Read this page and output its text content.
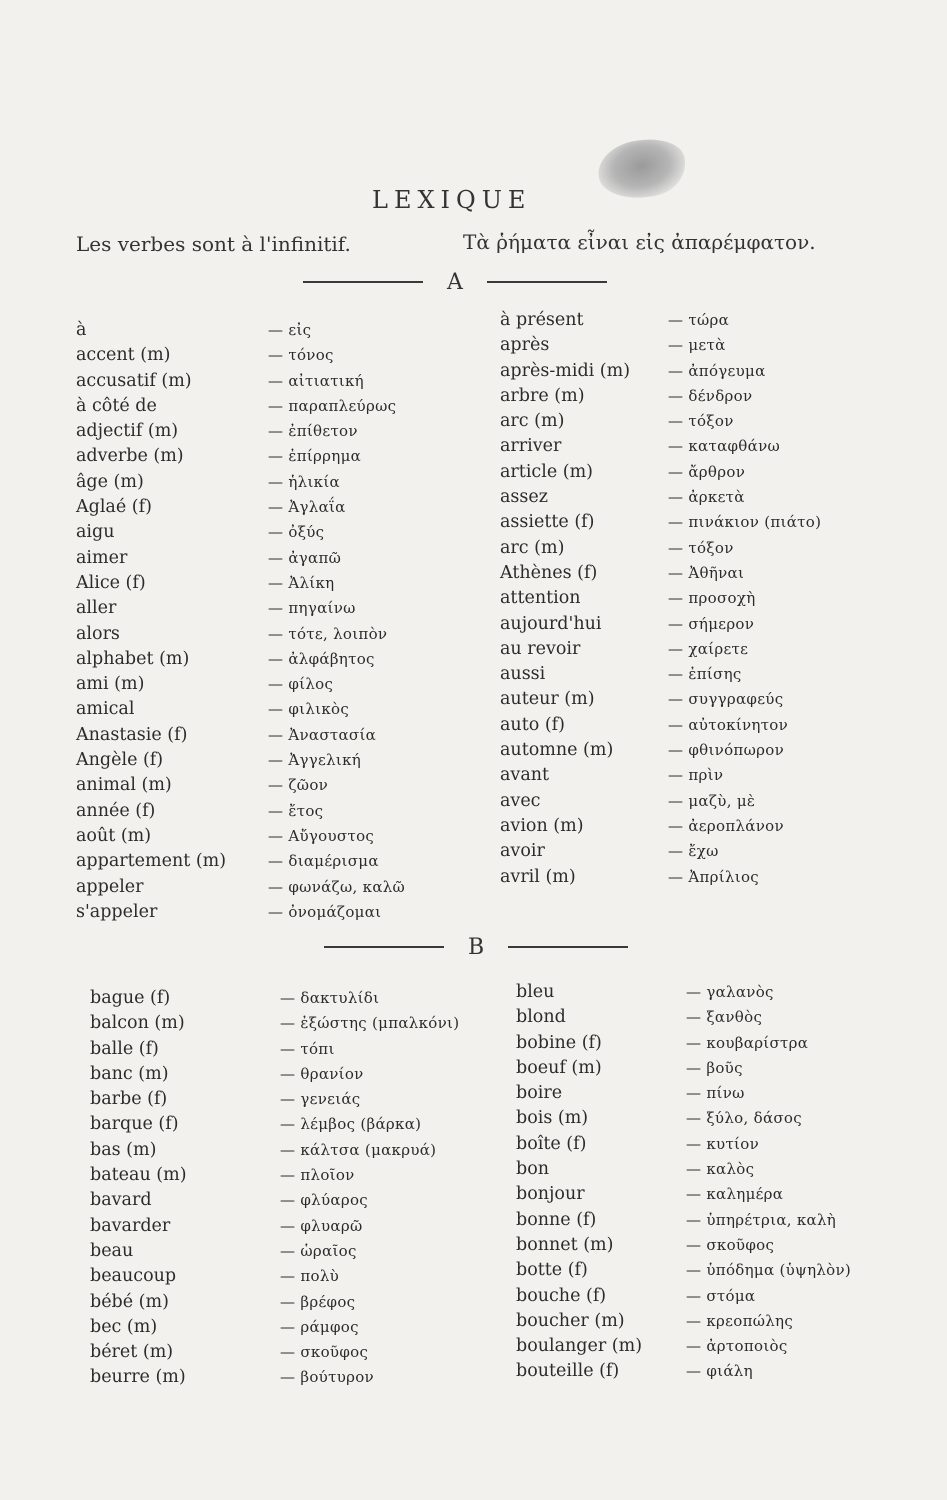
LEXIQUE
Les verbes sont à l'infinitif.	Τὰ ῥήματα εἶναι εἰς ἀπαρέμφατον.
A
à	— εἰς
accent (m)	— τόνος
accusatif (m)	— αἰτιατική
à côté de	— παραπλεύρως
adjectif (m)	— ἐπίθετον
adverbe (m)	— ἐπίρρημα
âge (m)	— ἡλικία
Aglaé (f)	— Ἀγλαΐα
aigu	— ὀξύς
aimer	— ἀγαπῶ
Alice (f)	— Ἀλίκη
aller	— πηγαίνω
alors	— τότε, λοιπὸν
alphabet (m)	— ἀλφάβητος
ami (m)	— φίλος
amical	— φιλικὸς
Anastasie (f)	— Ἀναστασία
Angèle (f)	— Ἀγγελική
animal (m)	— ζῶον
année (f)	— ἔτος
août (m)	— Αὔγουστος
appartement (m)	— διαμέρισμα
appeler	— φωνάζω, καλῶ
s'appeler	— ὀνομάζομαι
à présent	— τώρα
après	— μετὰ
après-midi (m)	— ἀπόγευμα
arbre (m)	— δένδρον
arc (m)	— τόξον
arriver	— καταφθάνω
article (m)	— ἄρθρον
assez	— ἀρκετὰ
assiette (f)	— πινάκιον (πιάτο)
arc (m)	— τόξον
Athènes (f)	— Ἀθῆναι
attention	— προσοχὴ
aujourd'hui	— σήμερον
au revoir	— χαίρετε
aussi	— ἐπίσης
auteur (m)	— συγγραφεύς
auto (f)	— αὐτοκίνητον
automne (m)	— φθινόπωρον
avant	— πρὶν
avec	— μαζὺ, μὲ
avion (m)	— ἀεροπλάνον
avoir	— ἔχω
avril (m)	— Ἀπρίλιος
B
bague (f)	— δακτυλίδι
balcon (m)	— ἐξώστης (μπαλκόνι)
balle (f)	— τόπι
banc (m)	— θρανίον
barbe (f)	— γενειάς
barque (f)	— λέμβος (βάρκα)
bas (m)	— κάλτσα (μακρυά)
bateau (m)	— πλοῖον
bavard	— φλύαρος
bavarder	— φλυαρῶ
beau	— ὡραῖος
beaucoup	— πολὺ
bébé (m)	— βρέφος
bec (m)	— ράμφος
béret (m)	— σκοῦφος
beurre (m)	— βούτυρον
bleu	— γαλανὸς
blond	— ξανθὸς
bobine (f)	— κουβαρίστρα
boeuf (m)	— βοῦς
boire	— πίνω
bois (m)	— ξύλο, δάσος
boîte (f)	— κυτίον
bon	— καλὸς
bonjour	— καλημέρα
bonne (f)	— ὑπηρέτρια, καλὴ
bonnet (m)	— σκοῦφος
botte (f)	— ὑπόδημα (ὑψηλὸν)
bouche (f)	— στόμα
boucher (m)	— κρεοπώλης
boulanger (m)	— ἀρτοποιὸς
bouteille (f)	— φιάλη
